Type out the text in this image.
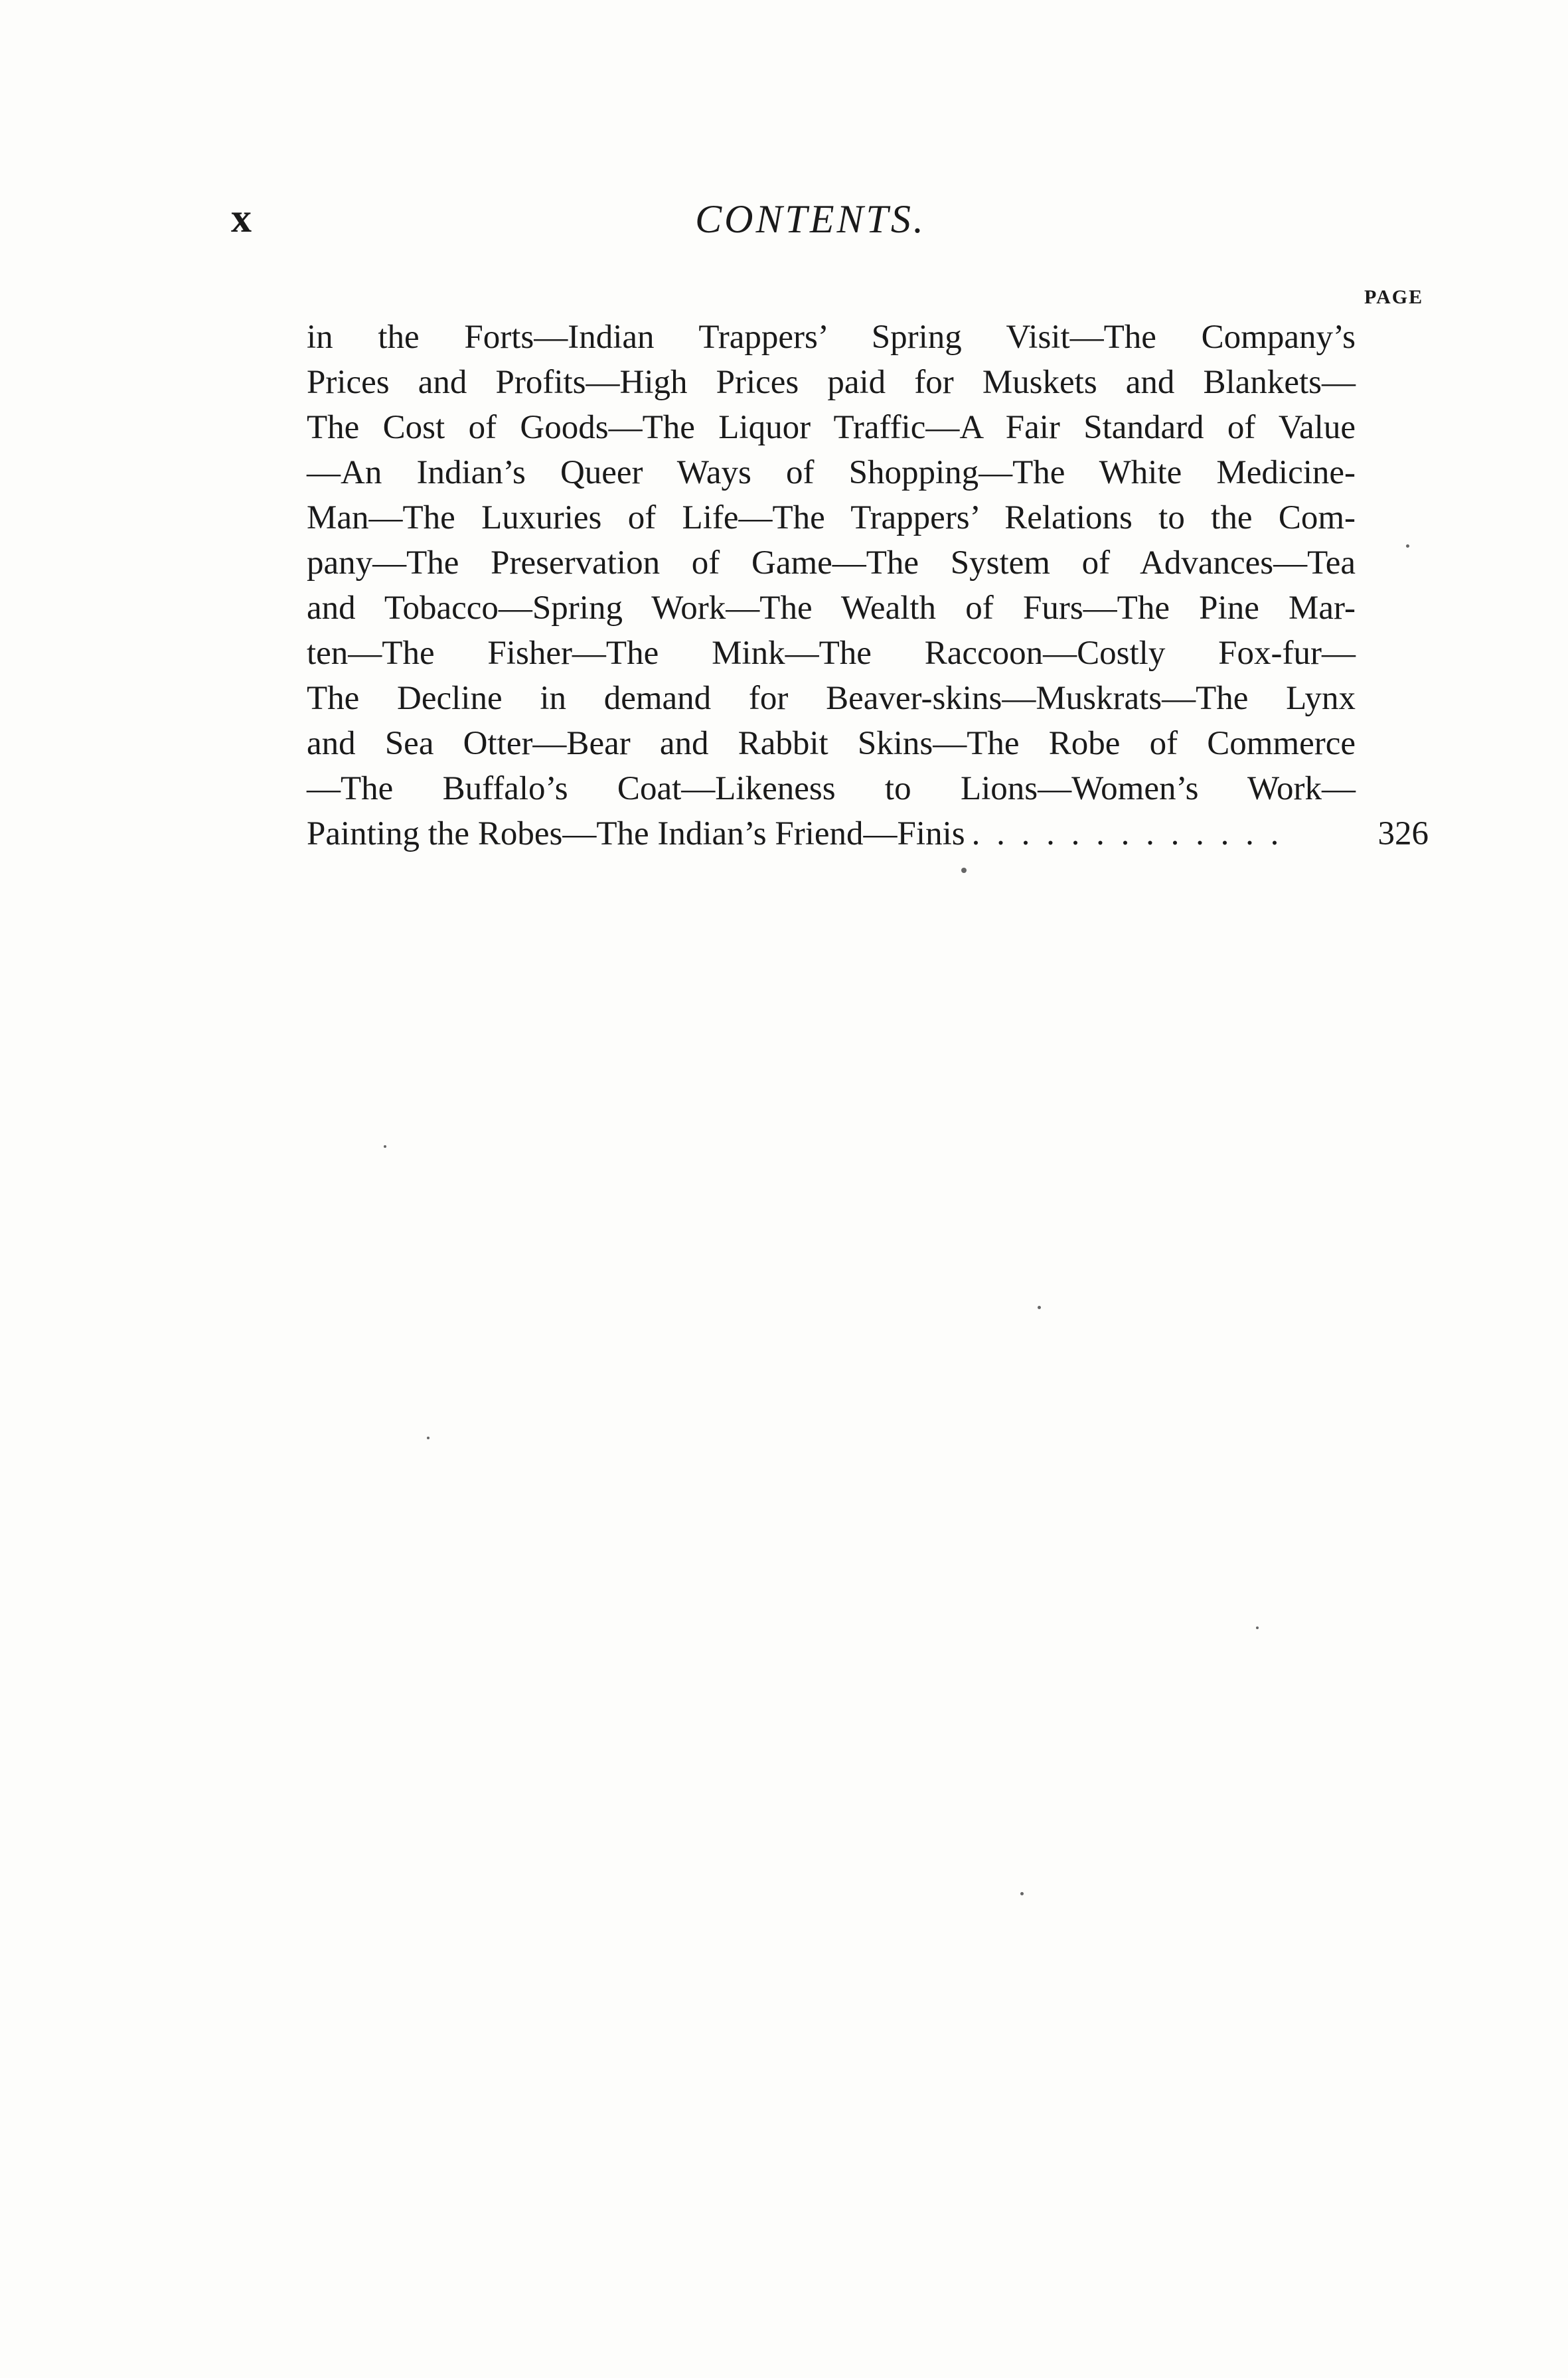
x	CONTENTS.
PAGE
in the Forts—Indian Trappers’ Spring Visit—The Company’s
Prices and Profits—High Prices paid for Muskets and Blankets—
The Cost of Goods—The Liquor Traffic—A Fair Standard of Value
—An Indian’s Queer Ways of Shopping—The White Medicine-
Man—The Luxuries of Life—The Trappers’ Relations to the Com-
pany—The Preservation of Game—The System of Advances—Tea
and Tobacco—Spring Work—The Wealth of Furs—The Pine Mar-
ten—The Fisher—The Mink—The Raccoon—Costly Fox-fur—
The Decline in demand for Beaver-skins—Muskrats—The Lynx
and Sea Otter—Bear and Rabbit Skins—The Robe of Commerce
—The Buffalo’s Coat—Likeness to Lions—Women’s Work—
Painting the Robes—The Indian’s Friend—Finis . . . . . . . . . . . . .	326
